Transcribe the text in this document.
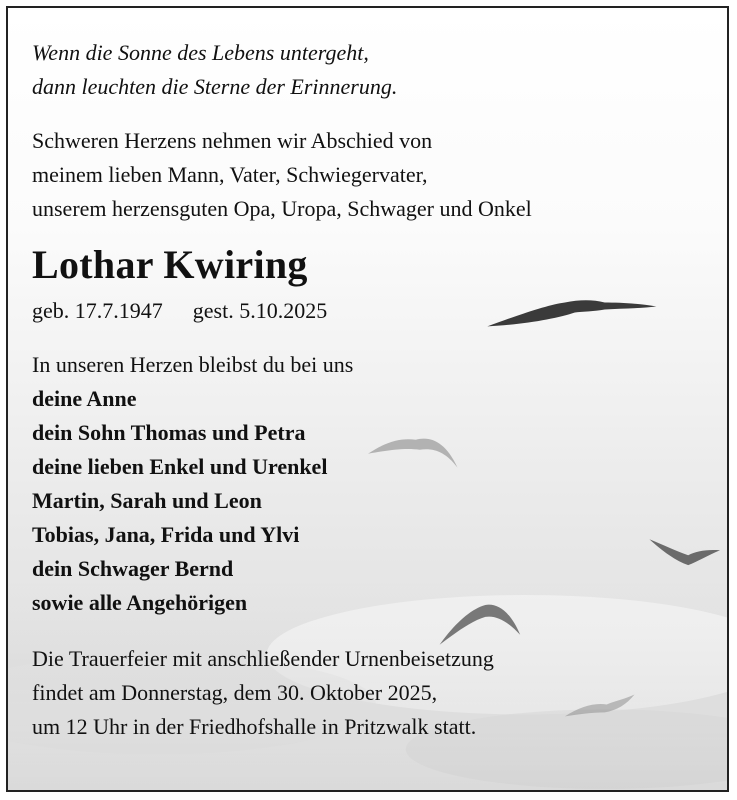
Wenn die Sonne des Lebens untergeht,
dann leuchten die Sterne der Erinnerung.

Schweren Herzens nehmen wir Abschied von
meinem lieben Mann, Vater, Schwiegervater,
unserem herzensguten Opa, Uropa, Schwager und Onkel

Lothar Kwiring

geb. 17.7.1947 gest. 5.10.2025

In unseren Herzen bleibst du bei uns

deine Anne
dein Sohn Thomas und Petra
deine lieben Enkel und Urenkel
Martin, Sarah und Leon
Tobias, Jana, Frida und Ylvi
dein Schwager Bernd
sowie alle Angehörigen

Die Trauerfeier mit anschließender Urnenbeisetzung
findet am Donnerstag, dem 30. Oktober 2025,
um 12 Uhr in der Friedhofshalle in Pritzwalk statt.
